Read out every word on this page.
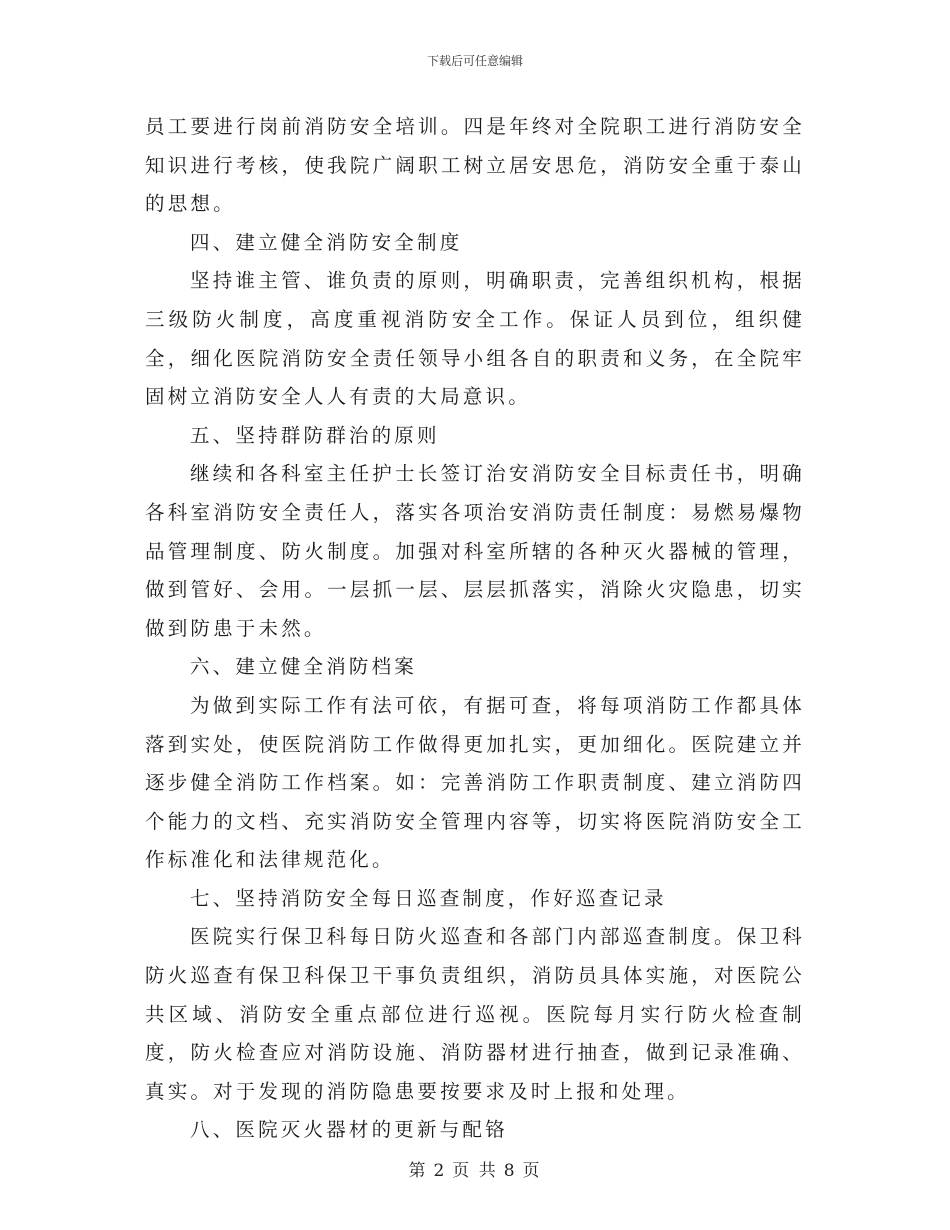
下载后可任意编辑

员工要进行岗前消防安全培训。四是年终对全院职工进行消防安全知识进行考核，使我院广阔职工树立居安思危，消防安全重于泰山的思想。

四、建立健全消防安全制度

坚持谁主管、谁负责的原则，明确职责，完善组织机构，根据三级防火制度，高度重视消防安全工作。保证人员到位，组织健全，细化医院消防安全责任领导小组各自的职责和义务，在全院牢固树立消防安全人人有责的大局意识。

五、坚持群防群治的原则

继续和各科室主任护士长签订治安消防安全目标责任书，明确各科室消防安全责任人，落实各项治安消防责任制度：易燃易爆物品管理制度、防火制度。加强对科室所辖的各种灭火器械的管理，做到管好、会用。一层抓一层、层层抓落实，消除火灾隐患，切实做到防患于未然。

六、建立健全消防档案

为做到实际工作有法可依，有据可查，将每项消防工作都具体落到实处，使医院消防工作做得更加扎实，更加细化。医院建立并逐步健全消防工作档案。如：完善消防工作职责制度、建立消防四个能力的文档、充实消防安全管理内容等，切实将医院消防安全工作标准化和法律规范化。

七、坚持消防安全每日巡查制度，作好巡查记录

医院实行保卫科每日防火巡查和各部门内部巡查制度。保卫科防火巡查有保卫科保卫干事负责组织，消防员具体实施，对医院公共区域、消防安全重点部位进行巡视。医院每月实行防火检查制度，防火检查应对消防设施、消防器材进行抽查，做到记录准确、真实。对于发现的消防隐患要按要求及时上报和处理。

八、医院灭火器材的更新与配铬

第 2 页 共 8 页
